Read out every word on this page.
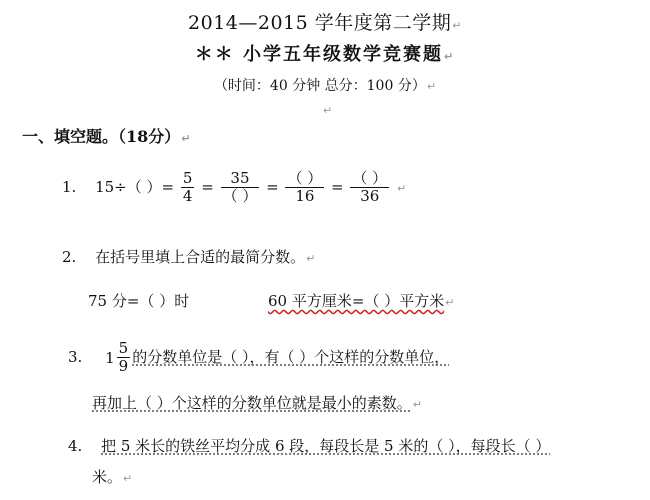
2014—2015 学年度第二学期↵
＊＊ 小学五年级数学竞赛题↵
（时间：40 分钟 总分：100 分）↵
↵
一、填空题。（18分）↵
1. 15÷（ ）= $\frac{5}{4} = \frac{35}{( )} = \frac{( )}{16} = \frac{( )}{36}$ ↵
2. 在括号里填上合适的最简分数。↵
75 分=（ ）时	60 平方厘米=（ ）平方米↵
3. $1 \frac{5}{9}$ 的分数单位是（ ），有（ ）个这样的分数单位，
再加上（ ）个这样的分数单位就是最小的素数。↵
4. 把 5 米长的铁丝平均分成 6 段，每段长是 5 米的（ ），每段长（ ）
米。↵
